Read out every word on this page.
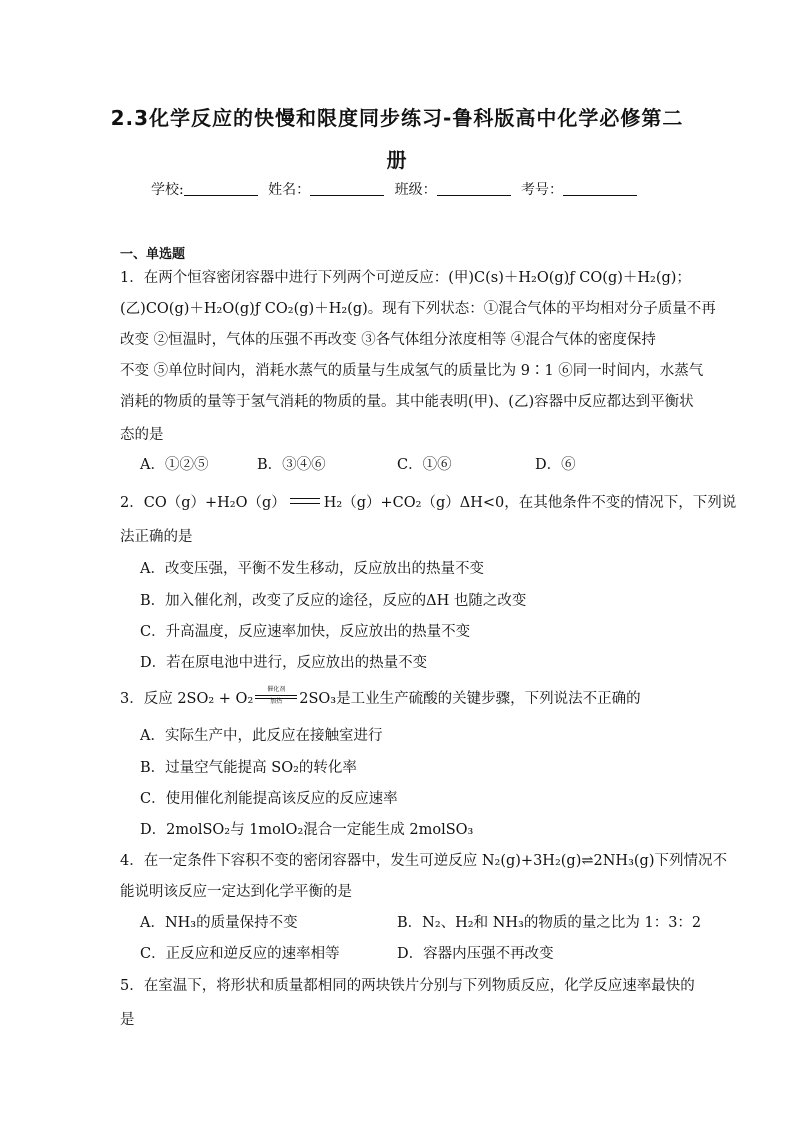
2.3化学反应的快慢和限度同步练习-鲁科版高中化学必修第二
册
学校:	姓名：	班级：	考号：
一、单选题
1．在两个恒容密闭容器中进行下列两个可逆反应：(甲)C(s)＋H₂O(g)ƒ CO(g)＋H₂(g)；
(乙)CO(g)＋H₂O(g)ƒ CO₂(g)＋H₂(g)。现有下列状态：①混合气体的平均相对分子质量不再
改变 ②恒温时，气体的压强不再改变 ③各气体组分浓度相等 ④混合气体的密度保持
不变 ⑤单位时间内，消耗水蒸气的质量与生成氢气的质量比为 9∶1 ⑥同一时间内，水蒸气
消耗的物质的量等于氢气消耗的物质的量。其中能表明(甲)、(乙)容器中反应都达到平衡状
态的是
A．①②⑤	B．③④⑥	C．①⑥	D．⑥
2．CO（g）+H₂O（g）	H₂（g）+CO₂（g）ΔH<0，在其他条件不变的情况下，下列说
法正确的是
A．改变压强，平衡不发生移动，反应放出的热量不变
B．加入催化剂，改变了反应的途径，反应的ΔH 也随之改变
C．升高温度，反应速率加快，反应放出的热量不变
D．若在原电池中进行，反应放出的热量不变
3．反应 2SO₂ + O₂
催化剂
加热	2SO₃是工业生产硫酸的关键步骤，下列说法不正确的
A．实际生产中，此反应在接触室进行
B．过量空气能提高 SO₂的转化率
C．使用催化剂能提高该反应的反应速率
D．2molSO₂与 1molO₂混合一定能生成 2molSO₃
4．在一定条件下容积不变的密闭容器中，发生可逆反应 N₂(g)+3H₂(g)⇌2NH₃(g)下列情况不
能说明该反应一定达到化学平衡的是
A．NH₃的质量保持不变	B．N₂、H₂和 NH₃的物质的量之比为 1：3：2
C．正反应和逆反应的速率相等	D．容器内压强不再改变
5．在室温下，将形状和质量都相同的两块铁片分别与下列物质反应，化学反应速率最快的
是
